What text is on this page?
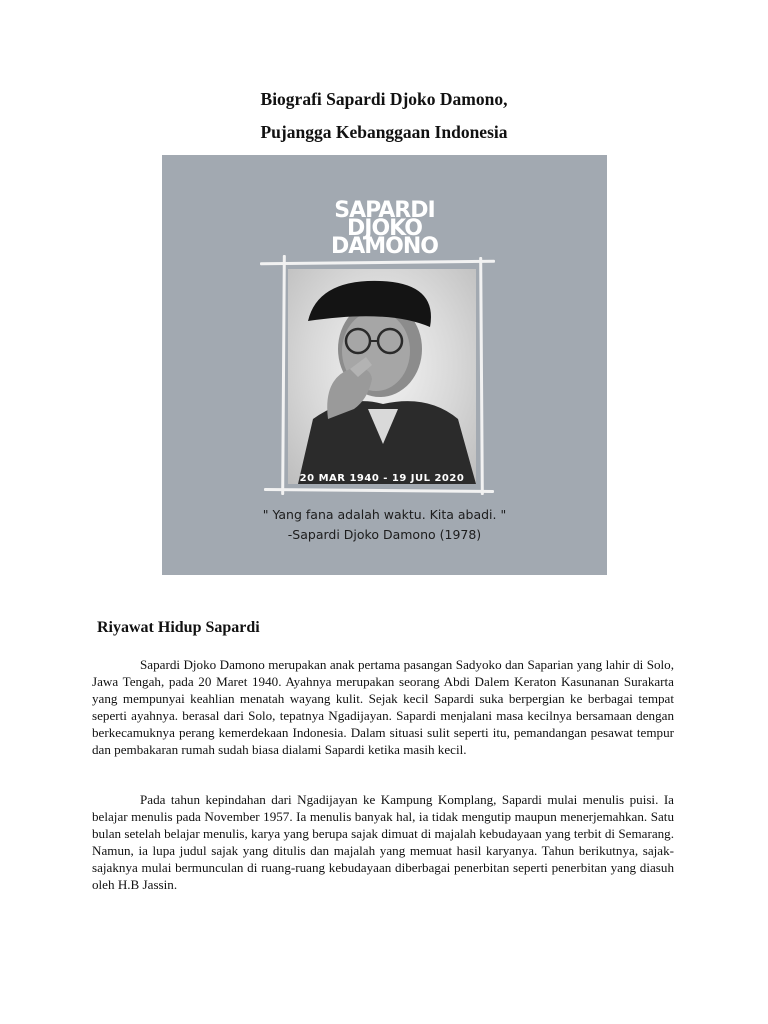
Biografi Sapardi Djoko Damono,
Pujangga Kebanggaan Indonesia
SAPARDI
DJOKO
DAMONO
20 MAR 1940 - 19 JUL 2020
" Yang fana adalah waktu. Kita abadi. "
-Sapardi Djoko Damono (1978)
Riyawat Hidup Sapardi

Sapardi Djoko Damono merupakan anak pertama pasangan Sadyoko dan Saparian yang lahir di Solo, Jawa Tengah, pada 20 Maret 1940. Ayahnya merupakan seorang Abdi Dalem Keraton Kasunanan Surakarta yang mempunyai keahlian menatah wayang kulit. Sejak kecil Sapardi suka berpergian ke berbagai tempat seperti ayahnya. berasal dari Solo, tepatnya Ngadijayan. Sapardi menjalani masa kecilnya bersamaan dengan berkecamuknya perang kemerdekaan Indonesia. Dalam situasi sulit seperti itu, pemandangan pesawat tempur dan pembakaran rumah sudah biasa dialami Sapardi ketika masih kecil.

Pada tahun kepindahan dari Ngadijayan ke Kampung Komplang, Sapardi mulai menulis puisi. Ia belajar menulis pada November 1957. Ia menulis banyak hal, ia tidak mengutip maupun menerjemahkan. Satu bulan setelah belajar menulis, karya yang berupa sajak dimuat di majalah kebudayaan yang terbit di Semarang. Namun, ia lupa judul sajak yang ditulis dan majalah yang memuat hasil karyanya. Tahun berikutnya, sajak-sajaknya mulai bermunculan di ruang-ruang kebudayaan diberbagai penerbitan seperti penerbitan yang diasuh oleh H.B Jassin.
